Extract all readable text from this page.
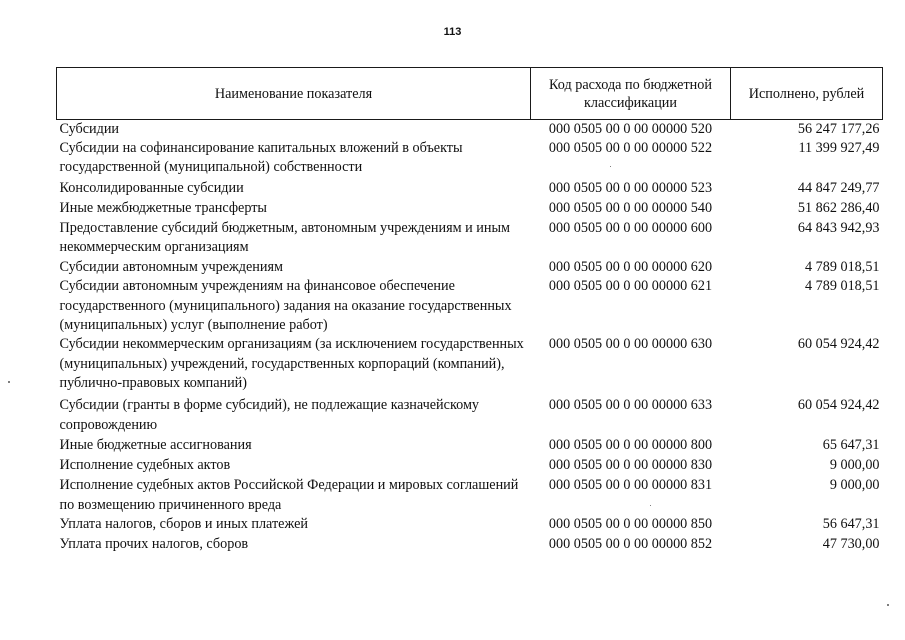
113
Наименование показателя	Код расхода по бюджетной классификации	Исполнено, рублей
Субсидии	000 0505 00 0 00 00000 520	56 247 177,26
Субсидии на софинансирование капитальных вложений в объекты государственной (муниципальной) собственности	000 0505 00 0 00 00000 522	11 399 927,49
Консолидированные субсидии	000 0505 00 0 00 00000 523	44 847 249,77
Иные межбюджетные трансферты	000 0505 00 0 00 00000 540	51 862 286,40
Предоставление субсидий бюджетным, автономным учреждениям и иным некоммерческим организациям	000 0505 00 0 00 00000 600	64 843 942,93
Субсидии автономным учреждениям	000 0505 00 0 00 00000 620	4 789 018,51
Субсидии автономным учреждениям на финансовое обеспечение государственного (муниципального) задания на оказание государственных (муниципальных) услуг (выполнение работ)	000 0505 00 0 00 00000 621	4 789 018,51
Субсидии некоммерческим организациям (за исключением государственных (муниципальных) учреждений, государственных корпораций (компаний), публично-правовых компаний)	000 0505 00 0 00 00000 630	60 054 924,42
Субсидии (гранты в форме субсидий), не подлежащие казначейскому сопровождению	000 0505 00 0 00 00000 633	60 054 924,42
Иные бюджетные ассигнования	000 0505 00 0 00 00000 800	65 647,31
Исполнение судебных актов	000 0505 00 0 00 00000 830	9 000,00
Исполнение судебных актов Российской Федерации и мировых соглашений по возмещению причиненного вреда	000 0505 00 0 00 00000 831	9 000,00
Уплата налогов, сборов и иных платежей	000 0505 00 0 00 00000 850	56 647,31
Уплата прочих налогов, сборов	000 0505 00 0 00 00000 852	47 730,00
